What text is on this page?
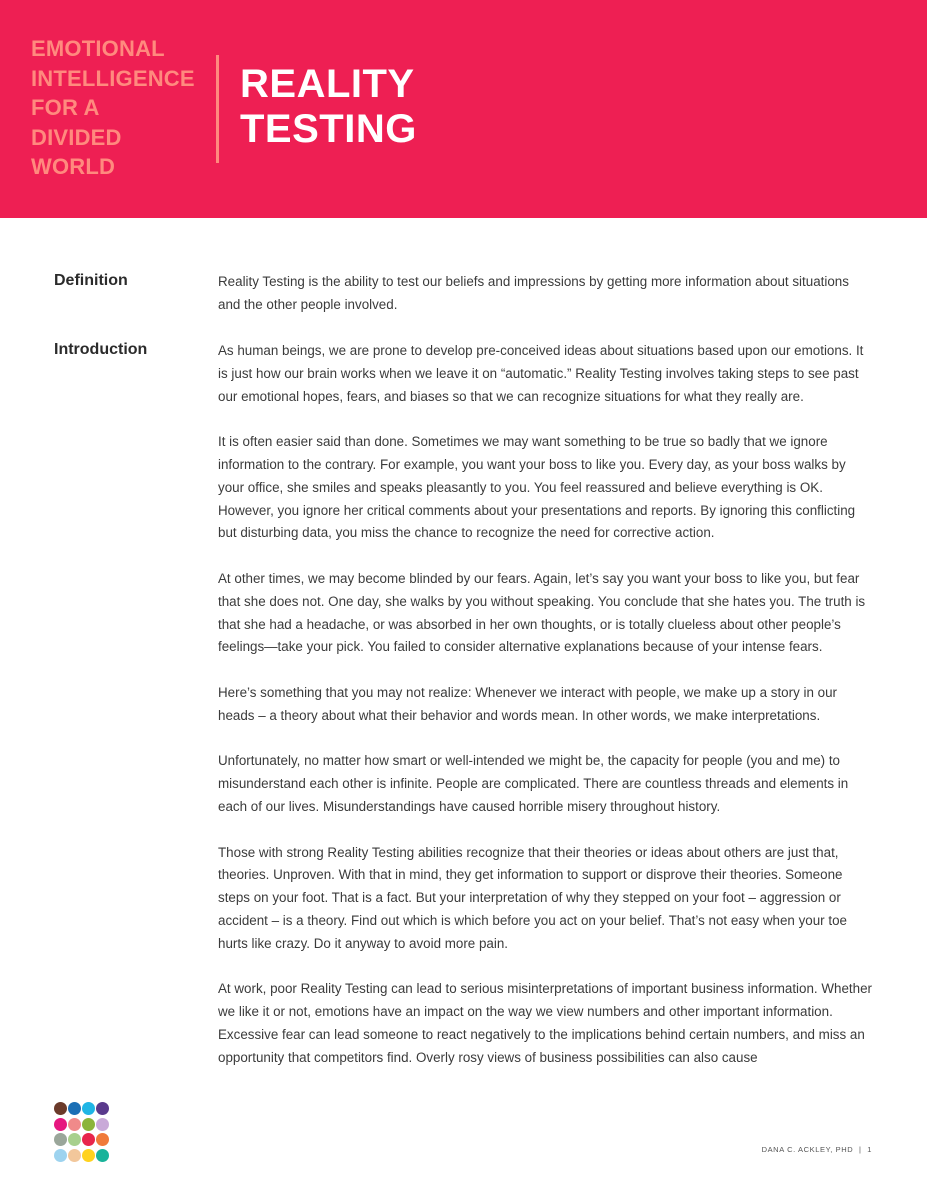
EMOTIONAL
INTELLIGENCE
FOR A
DIVIDED
WORLD
REALITY
TESTING
Definition	Reality Testing is the ability to test our beliefs and impressions by getting more information about situations and the other people involved.

Introduction	As human beings, we are prone to develop pre-conceived ideas about situations based upon our emotions. It is just how our brain works when we leave it on “automatic.” Reality Testing involves taking steps to see past our emotional hopes, fears, and biases so that we can recognize situations for what they really are.

It is often easier said than done. Sometimes we may want something to be true so badly that we ignore information to the contrary. For example, you want your boss to like you. Every day, as your boss walks by your office, she smiles and speaks pleasantly to you. You feel reassured and believe everything is OK. However, you ignore her critical comments about your presentations and reports. By ignoring this conflicting but disturbing data, you miss the chance to recognize the need for corrective action.

At other times, we may become blinded by our fears. Again, let’s say you want your boss to like you, but fear that she does not. One day, she walks by you without speaking. You conclude that she hates you. The truth is that she had a headache, or was absorbed in her own thoughts, or is totally clueless about other people’s feelings—take your pick. You failed to consider alternative explanations because of your intense fears.

Here’s something that you may not realize: Whenever we interact with people, we make up a story in our heads – a theory about what their behavior and words mean. In other words, we make interpretations.

Unfortunately, no matter how smart or well-intended we might be, the capacity for people (you and me) to misunderstand each other is infinite. People are complicated. There are countless threads and elements in each of our lives. Misunderstandings have caused horrible misery throughout history.

Those with strong Reality Testing abilities recognize that their theories or ideas about others are just that, theories. Unproven. With that in mind, they get information to support or disprove their theories. Someone steps on your foot. That is a fact. But your interpretation of why they stepped on your foot – aggression or accident – is a theory. Find out which is which before you act on your belief. That’s not easy when your toe hurts like crazy. Do it anyway to avoid more pain.

At work, poor Reality Testing can lead to serious misinterpretations of important business information. Whether we like it or not, emotions have an impact on the way we view numbers and other important information. Excessive fear can lead someone to react negatively to the implications behind certain numbers, and miss an opportunity that competitors find. Overly rosy views of business possibilities can also cause

DANA C. ACKLEY, PHD | 1
